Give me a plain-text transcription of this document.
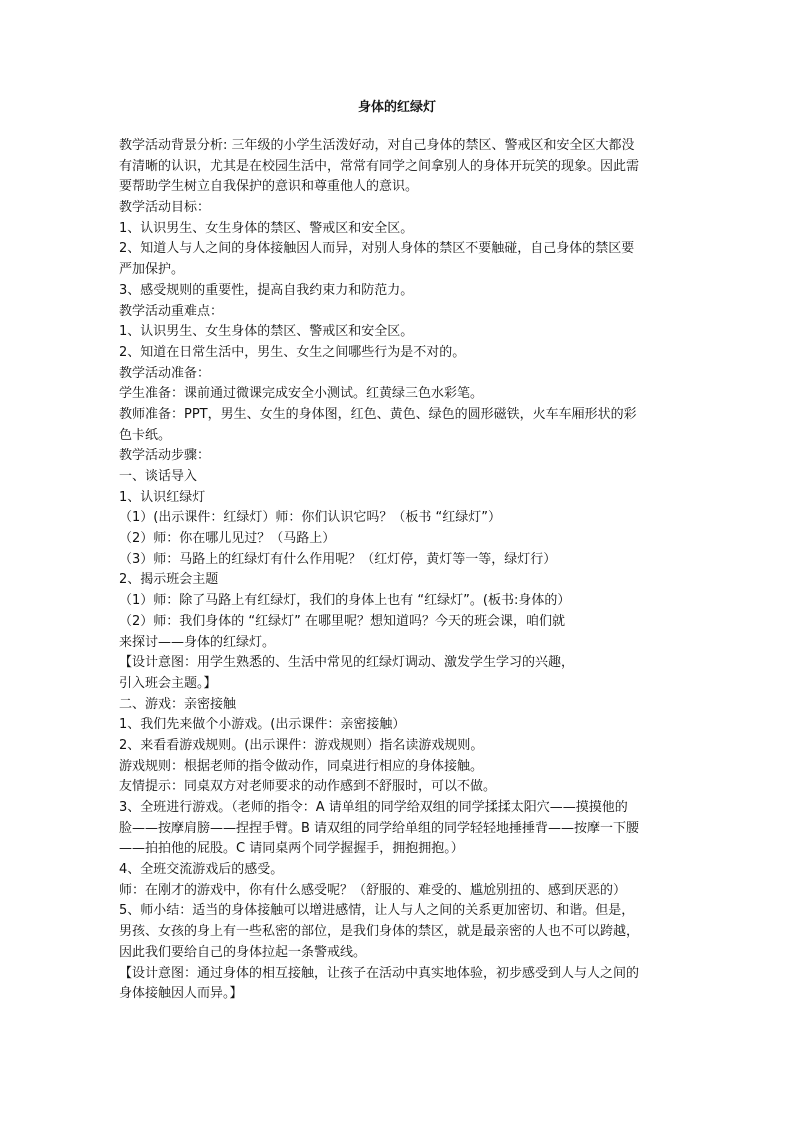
身体的红绿灯

教学活动背景分析: 三年级的小学生活泼好动，对自己身体的禁区、警戒区和安全区大都没

有清晰的认识，尤其是在校园生活中，常常有同学之间拿别人的身体开玩笑的现象。因此需

要帮助学生树立自我保护的意识和尊重他人的意识。

教学活动目标：

1、认识男生、女生身体的禁区、警戒区和安全区。

2、知道人与人之间的身体接触因人而异，对别人身体的禁区不要触碰，自己身体的禁区要

严加保护。

3、感受规则的重要性，提高自我约束力和防范力。

教学活动重难点：

1、认识男生、女生身体的禁区、警戒区和安全区。

2、知道在日常生活中，男生、女生之间哪些行为是不对的。

教学活动准备：

学生准备：课前通过微课完成安全小测试。红黄绿三色水彩笔。

教师准备：PPT，男生、女生的身体图，红色、黄色、绿色的圆形磁铁，火车车厢形状的彩

色卡纸。

教学活动步骤：

一、谈话导入

1、认识红绿灯

（1）(出示课件：红绿灯）师：你们认识它吗？（板书 “红绿灯”）

（2）师：你在哪儿见过？（马路上）

（3）师：马路上的红绿灯有什么作用呢？（红灯停，黄灯等一等，绿灯行）

2、揭示班会主题

（1）师：除了马路上有红绿灯，我们的身体上也有 “红绿灯”。(板书:身体的）

（2）师：我们身体的 “红绿灯” 在哪里呢？想知道吗？今天的班会课，咱们就

来探讨——身体的红绿灯。

【设计意图：用学生熟悉的、生活中常见的红绿灯调动、激发学生学习的兴趣，

引入班会主题。】

二、游戏：亲密接触

1、我们先来做个小游戏。(出示课件：亲密接触）

2、来看看游戏规则。(出示课件：游戏规则）指名读游戏规则。

游戏规则：根据老师的指令做动作，同桌进行相应的身体接触。

友情提示：同桌双方对老师要求的动作感到不舒服时，可以不做。

3、全班进行游戏。（老师的指令：A 请单组的同学给双组的同学揉揉太阳穴——摸摸他的

脸——按摩肩膀——捏捏手臂。B 请双组的同学给单组的同学轻轻地捶捶背——按摩一下腰

——拍拍他的屁股。C 请同桌两个同学握握手，拥抱拥抱。）

4、全班交流游戏后的感受。

师：在刚才的游戏中，你有什么感受呢？（舒服的、难受的、尴尬别扭的、感到厌恶的）

5、师小结：适当的身体接触可以增进感情，让人与人之间的关系更加密切、和谐。但是，

男孩、女孩的身上有一些私密的部位，是我们身体的禁区，就是最亲密的人也不可以跨越，

因此我们要给自己的身体拉起一条警戒线。

【设计意图：通过身体的相互接触，让孩子在活动中真实地体验，初步感受到人与人之间的

身体接触因人而异。】
